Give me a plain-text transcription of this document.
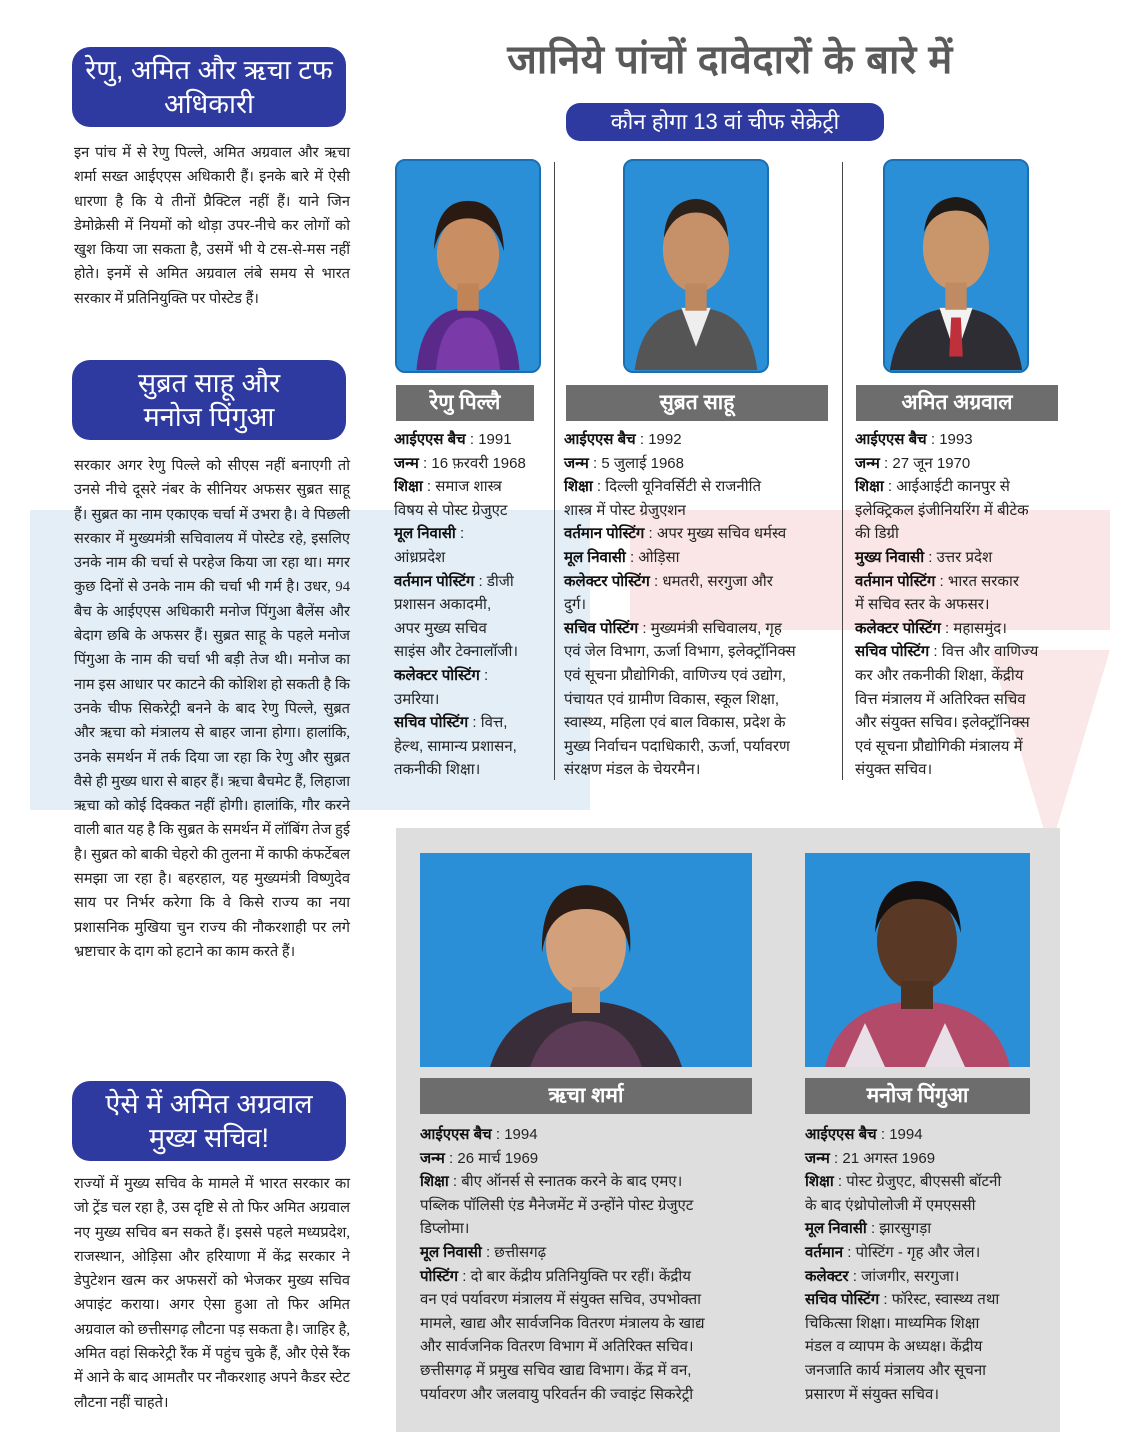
रेणु, अमित और ऋचा टफ
अधिकारी
इन पांच में से रेणु पिल्ले, अमित अग्रवाल और ऋचा शर्मा सख्त आईएएस अधिकारी हैं। इनके बारे में ऐसी धारणा है कि ये तीनों प्रैक्टिल नहीं हैं। याने जिन डेमोक्रेसी में नियमों को थोड़ा उपर-नीचे कर लोगों को खुश किया जा सकता है, उसमें भी ये टस-से-मस नहीं होते। इनमें से अमित अग्रवाल लंबे समय से भारत सरकार में प्रतिनियुक्ति पर पोस्टेड हैं।
सुब्रत साहू और
मनोज पिंगुआ
सरकार अगर रेणु पिल्ले को सीएस नहीं बनाएगी तो उनसे नीचे दूसरे नंबर के सीनियर अफसर सुब्रत साहू हैं। सुब्रत का नाम एकाएक चर्चा में उभरा है। वे पिछली सरकार में मुख्यमंत्री सचिवालय में पोस्टेड रहे, इसलिए उनके नाम की चर्चा से परहेज किया जा रहा था। मगर कुछ दिनों से उनके नाम की चर्चा भी गर्म है। उधर, 94 बैच के आईएएस अधिकारी मनोज पिंगुआ बैलेंस और बेदाग छबि के अफसर हैं। सुब्रत साहू के पहले मनोज पिंगुआ के नाम की चर्चा भी बड़ी तेज थी। मनोज का नाम इस आधार पर काटने की कोशिश हो सकती है कि उनके चीफ सिकरेट्री बनने के बाद रेणु पिल्ले, सुब्रत और ऋचा को मंत्रालय से बाहर जाना होगा। हालांकि, उनके समर्थन में तर्क दिया जा रहा कि रेणु और सुब्रत वैसे ही मुख्य धारा से बाहर हैं। ऋचा बैचमेट हैं, लिहाजा ऋचा को कोई दिक्कत नहीं होगी। हालांकि, गौर करने वाली बात यह है कि सुब्रत के समर्थन में लॉबिंग तेज हुई है। सुब्रत को बाकी चेहरो की तुलना में काफी कंफर्टेबल समझा जा रहा है। बहरहाल, यह मुख्यमंत्री विष्णुदेव साय पर निर्भर करेगा कि वे किसे राज्य का नया प्रशासनिक मुखिया चुन राज्य की नौकरशाही पर लगे भ्रष्टाचार के दाग को हटाने का काम करते हैं।
ऐसे में अमित अग्रवाल
मुख्य सचिव!
राज्यों में मुख्य सचिव के मामले में भारत सरकार का जो ट्रेंड चल रहा है, उस दृष्टि से तो फिर अमित अग्रवाल नए मुख्य सचिव बन सकते हैं। इससे पहले मध्यप्रदेश, राजस्थान, ओड़िसा और हरियाणा में केंद्र सरकार ने डेपुटेशन खत्म कर अफसरों को भेजकर मुख्य सचिव अपाइंट कराया। अगर ऐसा हुआ तो फिर अमित अग्रवाल को छत्तीसगढ़ लौटना पड़ सकता है। जाहिर है, अमित वहां सिकरेट्री रैंक में पहुंच चुके हैं, और ऐसे रैंक में आने के बाद आमतौर पर नौकरशाह अपने कैडर स्टेट लौटना नहीं चाहते।
जानिये पांचों दावेदारों के बारे में
कौन होगा 13 वां चीफ सेक्रेट्री
रेणु पिल्लै
आईएएस बैच : 1991
जन्म : 16 फ़रवरी 1968
शिक्षा : समाज शास्त्र
विषय से पोस्ट ग्रेजुएट
मूल निवासी :
आंध्रप्रदेश
वर्तमान पोस्टिंग : डीजी
प्रशासन अकादमी,
अपर मुख्य सचिव
साइंस और टेक्नालॉजी।
कलेक्टर पोस्टिंग :
उमरिया।
सचिव पोस्टिंग : वित्त,
हेल्थ, सामान्य प्रशासन,
तकनीकी शिक्षा।
सुब्रत साहू
आईएएस बैच : 1992
जन्म : 5 जुलाई 1968
शिक्षा : दिल्ली यूनिवर्सिटी से राजनीति
शास्त्र में पोस्ट ग्रेजुएशन
वर्तमान पोस्टिंग : अपर मुख्य सचिव धर्मस्व
मूल निवासी : ओड़िसा
कलेक्टर पोस्टिंग : धमतरी, सरगुजा और
दुर्ग।
सचिव पोस्टिंग : मुख्यमंत्री सचिवालय, गृह
एवं जेल विभाग, ऊर्जा विभाग, इलेक्ट्रॉनिक्स
एवं सूचना प्रौद्योगिकी, वाणिज्य एवं उद्योग,
पंचायत एवं ग्रामीण विकास, स्कूल शिक्षा,
स्वास्थ्य, महिला एवं बाल विकास, प्रदेश के
मुख्य निर्वाचन पदाधिकारी, ऊर्जा, पर्यावरण
संरक्षण मंडल के चेयरमैन।
अमित अग्रवाल
आईएएस बैच : 1993
जन्म : 27 जून 1970
शिक्षा : आईआईटी कानपुर से
इलेक्ट्रिकल इंजीनियरिंग में बीटेक
की डिग्री
मुख्य निवासी : उत्तर प्रदेश
वर्तमान पोस्टिंग : भारत सरकार
में सचिव स्तर के अफसर।
कलेक्टर पोस्टिंग : महासमुंद।
सचिव पोस्टिंग : वित्त और वाणिज्य
कर और तकनीकी शिक्षा, केंद्रीय
वित्त मंत्रालय में अतिरिक्त सचिव
और संयुक्त सचिव। इलेक्ट्रॉनिक्स
एवं सूचना प्रौद्योगिकी मंत्रालय में
संयुक्त सचिव।
ऋचा शर्मा
आईएएस बैच : 1994
जन्म : 26 मार्च 1969
शिक्षा : बीए ऑनर्स से स्नातक करने के बाद एमए।
पब्लिक पॉलिसी एंड मैनेजमेंट में उन्होंने पोस्ट ग्रेजुएट
डिप्लोमा।
मूल निवासी : छत्तीसगढ़
पोस्टिंग : दो बार केंद्रीय प्रतिनियुक्ति पर रहीं। केंद्रीय
वन एवं पर्यावरण मंत्रालय में संयुक्त सचिव, उपभोक्ता
मामले, खाद्य और सार्वजनिक वितरण मंत्रालय के खाद्य
और सार्वजनिक वितरण विभाग में अतिरिक्त सचिव।
छत्तीसगढ़ में प्रमुख सचिव खाद्य विभाग। केंद्र में वन,
पर्यावरण और जलवायु परिवर्तन की ज्वाइंट सिकरेट्री
मनोज पिंगुआ
आईएएस बैच : 1994
जन्म : 21 अगस्त 1969
शिक्षा : पोस्ट ग्रेजुएट, बीएससी बॉटनी
के बाद एंथ्रोपोलोजी में एमएससी
मूल निवासी : झारसुगड़ा
वर्तमान : पोस्टिंग - गृह और जेल।
कलेक्टर : जांजगीर, सरगुजा।
सचिव पोस्टिंग : फॉरेस्ट, स्वास्थ्य तथा
चिकित्सा शिक्षा। माध्यमिक शिक्षा
मंडल व व्यापम के अध्यक्ष। केंद्रीय
जनजाति कार्य मंत्रालय और सूचना
प्रसारण में संयुक्त सचिव।
